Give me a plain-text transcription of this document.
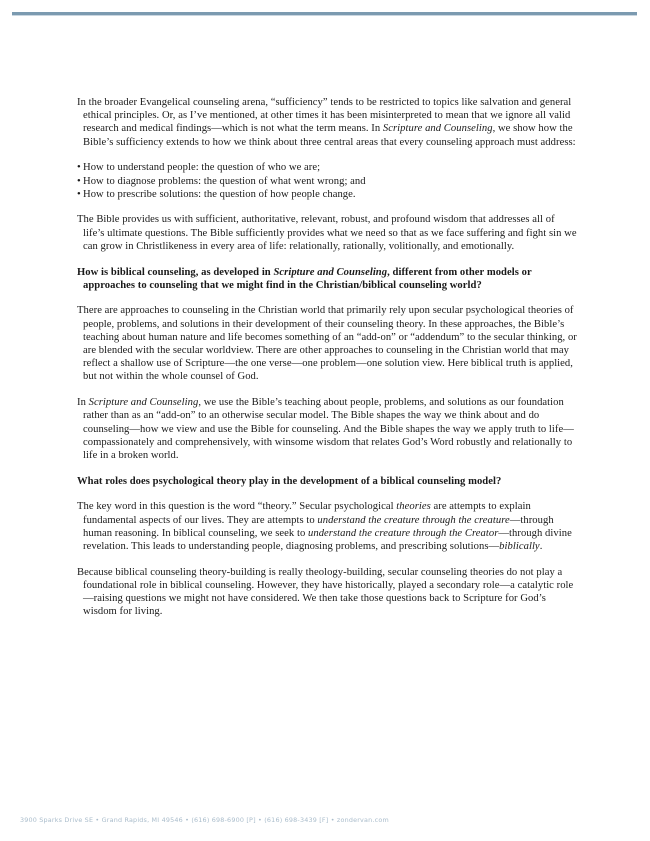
In the broader Evangelical counseling arena, “sufficiency” tends to be restricted to topics like salvation and general ethical principles. Or, as I’ve mentioned, at other times it has been misinterpreted to mean that we ignore all valid research and medical findings—which is not what the term means. In Scripture and Counseling, we show how the Bible’s sufficiency extends to how we think about three central areas that every counseling approach must address:

• How to understand people: the question of who we are;
• How to diagnose problems: the question of what went wrong; and
• How to prescribe solutions: the question of how people change.

The Bible provides us with sufficient, authoritative, relevant, robust, and profound wisdom that addresses all of life’s ultimate questions. The Bible sufficiently provides what we need so that as we face suffering and fight sin we can grow in Christlikeness in every area of life: relationally, rationally, volitionally, and emotionally.

How is biblical counseling, as developed in Scripture and Counseling, different from other models or approaches to counseling that we might find in the Christian/biblical counseling world?

There are approaches to counseling in the Christian world that primarily rely upon secular psychological theories of people, problems, and solutions in their development of their counseling theory. In these approaches, the Bible’s teaching about human nature and life becomes something of an “add-on” or “addendum” to the secular thinking, or are blended with the secular worldview. There are other approaches to counseling in the Christian world that may reflect a shallow use of Scripture—the one verse—one problem—one solution view. Here biblical truth is applied, but not within the whole counsel of God.

In Scripture and Counseling, we use the Bible’s teaching about people, problems, and solutions as our foundation rather than as an “add-on” to an otherwise secular model. The Bible shapes the way we think about and do counseling—how we view and use the Bible for counseling. And the Bible shapes the way we apply truth to life—compassionately and comprehensively, with winsome wisdom that relates God’s Word robustly and relationally to life in a broken world.

What roles does psychological theory play in the development of a biblical counseling model?

The key word in this question is the word “theory.” Secular psychological theories are attempts to explain fundamental aspects of our lives. They are attempts to understand the creature through the creature—through human reasoning. In biblical counseling, we seek to understand the creature through the Creator—through divine revelation. This leads to understanding people, diagnosing problems, and prescribing solutions—biblically.

Because biblical counseling theory-building is really theology-building, secular counseling theories do not play a foundational role in biblical counseling. However, they have historically, played a secondary role—a catalytic role—raising questions we might not have considered. We then take those questions back to Scripture for God’s wisdom for living.

3900 Sparks Drive SE • Grand Rapids, MI 49546 • (616) 698-6900 [P] • (616) 698-3439 [F] • zondervan.com
